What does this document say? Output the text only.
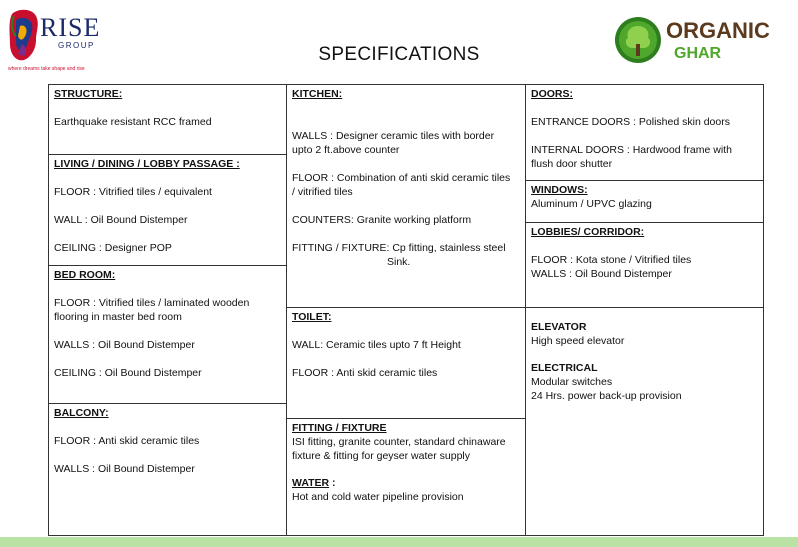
RISE
GROUP
where dreams take shape and rise
SPECIFICATIONS
ORGANIC
GHAR
STRUCTURE:
Earthquake resistant RCC framed
LIVING / DINING / LOBBY PASSAGE :
FLOOR : Vitrified tiles / equivalent
WALL : Oil Bound Distemper
CEILING : Designer POP
BED ROOM:
FLOOR : Vitrified tiles / laminated wooden
flooring in master bed room
WALLS : Oil Bound Distemper
CEILING : Oil Bound Distemper
BALCONY:
FLOOR : Anti skid ceramic tiles
WALLS : Oil Bound Distemper
KITCHEN:
WALLS : Designer ceramic tiles with border
upto 2 ft.above counter
FLOOR : Combination of anti skid ceramic tiles
/ vitrified tiles
COUNTERS: Granite working platform
FITTING / FIXTURE: Cp fitting, stainless steel
Sink.
TOILET:
WALL: Ceramic tiles upto 7 ft Height
FLOOR : Anti skid ceramic tiles
FITTING / FIXTURE
ISI fitting, granite counter, standard chinaware
fixture & fitting for geyser water supply
WATER :
Hot and cold water pipeline provision
DOORS:
ENTRANCE DOORS : Polished skin doors
INTERNAL DOORS : Hardwood frame with
flush door shutter
WINDOWS:
Aluminum / UPVC glazing
LOBBIES/ CORRIDOR:
FLOOR : Kota stone / Vitrified tiles
WALLS : Oil Bound Distemper
ELEVATOR
High speed elevator
ELECTRICAL
Modular switches
24 Hrs. power back-up provision
